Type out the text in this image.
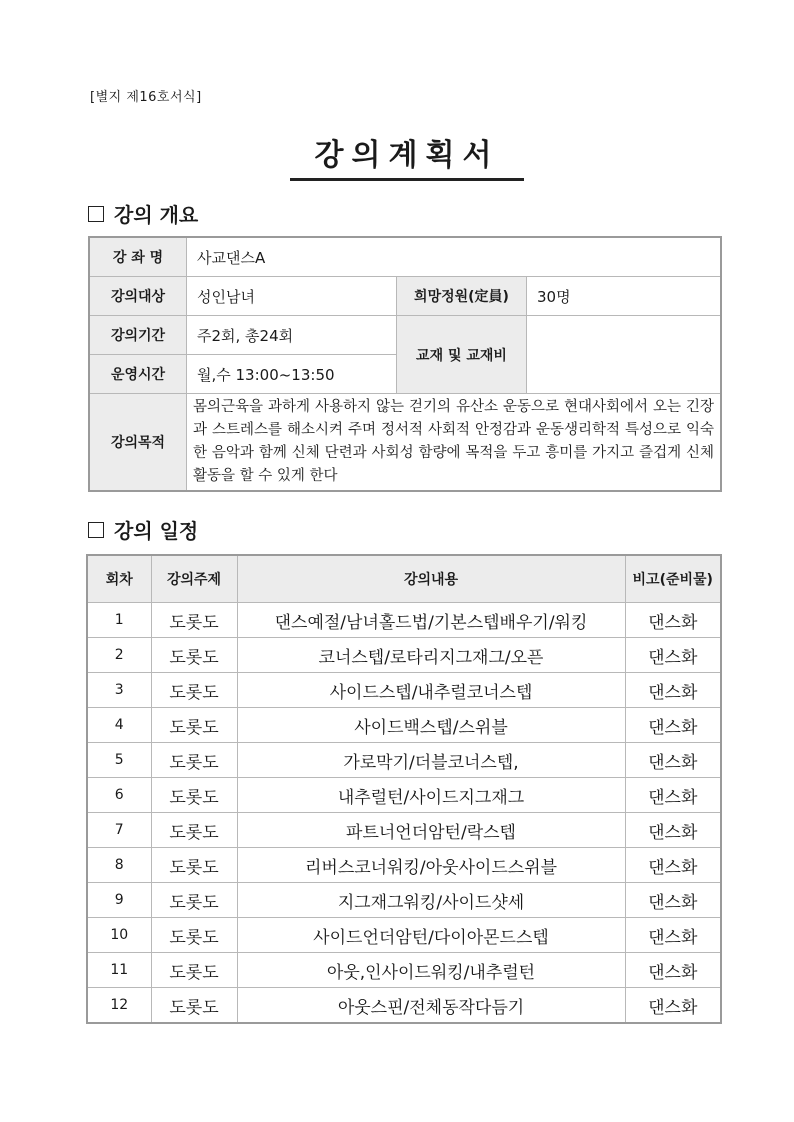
[별지 제16호서식]
강의계획서
강의 개요
강 좌 명	사교댄스A		
강의대상	성인남녀	희망정원(定員)	30명
강의기간	주2회, 총24회	교재 및 교재비	
운영시간	월,수 13:00~13:50		
강의목적	몸의근육을 과하게 사용하지 않는 걷기의 유산소 운동으로 현대사회에서 오는 긴장과 스트레스를 해소시켜 주며 정서적 사회적 안정감과 운동생리학적 특성으로 익숙한 음악과 함께 신체 단련과 사회성 함량에 목적을 두고 흥미를 가지고 즐겁게 신체 활동을 할 수 있게 한다		
강의 일정
회차	강의주제	강의내용	비고(준비물)
1	도롯도	댄스예절/남녀홀드법/기본스텝배우기/워킹	댄스화
2	도롯도	코너스텝/로타리지그재그/오픈	댄스화
3	도롯도	사이드스텝/내추럴코너스텝	댄스화
4	도롯도	사이드백스텝/스위블	댄스화
5	도롯도	가로막기/더블코너스텝,	댄스화
6	도롯도	내추럴턴/사이드지그재그	댄스화
7	도롯도	파트너언더암턴/락스텝	댄스화
8	도롯도	리버스코너워킹/아웃사이드스위블	댄스화
9	도롯도	지그재그워킹/사이드샷세	댄스화
10	도롯도	사이드언더암턴/다이아몬드스텝	댄스화
11	도롯도	아웃,인사이드워킹/내추럴턴	댄스화
12	도롯도	아웃스핀/전체동작다듬기	댄스화
